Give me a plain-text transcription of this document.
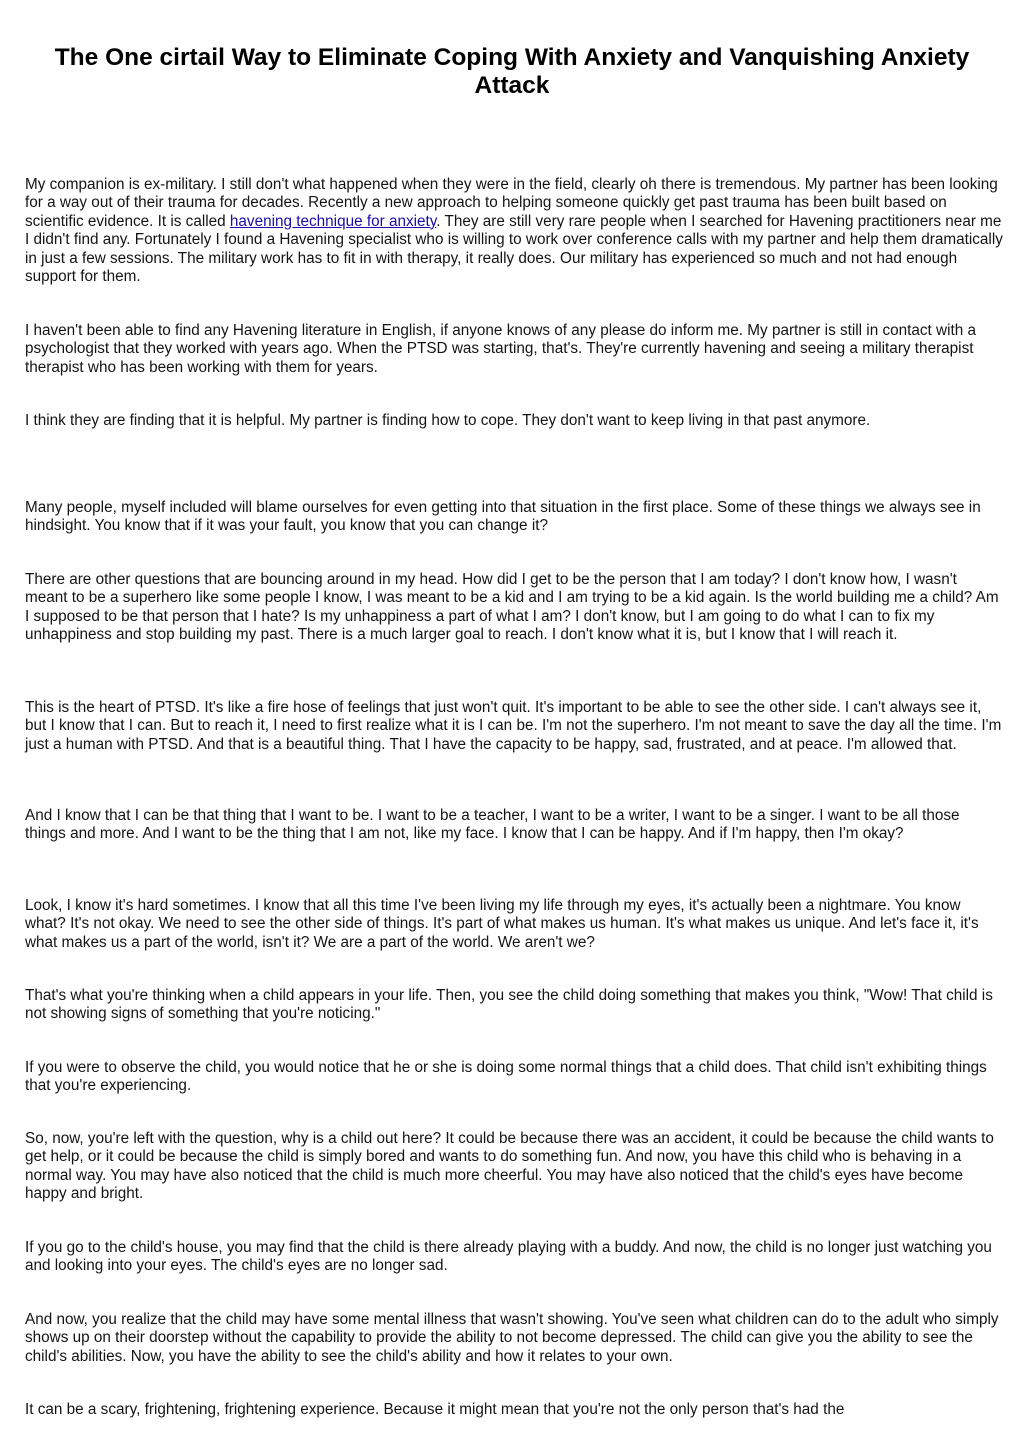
The One cirtail Way to Eliminate Coping With Anxiety and Vanquishing Anxiety Attack

My companion is ex-military. I still don't what happened when they were in the field, clearly oh there is tremendous. My partner has been looking for a way out of their trauma for decades. Recently a new approach to helping someone quickly get past trauma has been built based on scientific evidence. It is called havening technique for anxiety. They are still very rare people when I searched for Havening practitioners near me I didn't find any. Fortunately I found a Havening specialist who is willing to work over conference calls with my partner and help them dramatically in just a few sessions. The military work has to fit in with therapy, it really does. Our military has experienced so much and not had enough support for them.

I haven't been able to find any Havening literature in English, if anyone knows of any please do inform me. My partner is still in contact with a psychologist that they worked with years ago. When the PTSD was starting, that's. They're currently havening and seeing a military therapist therapist who has been working with them for years.

I think they are finding that it is helpful. My partner is finding how to cope. They don't want to keep living in that past anymore.

Many people, myself included will blame ourselves for even getting into that situation in the first place. Some of these things we always see in hindsight. You know that if it was your fault, you know that you can change it?

There are other questions that are bouncing around in my head. How did I get to be the person that I am today? I don't know how, I wasn't meant to be a superhero like some people I know, I was meant to be a kid and I am trying to be a kid again. Is the world building me a child? Am I supposed to be that person that I hate? Is my unhappiness a part of what I am? I don't know, but I am going to do what I can to fix my unhappiness and stop building my past. There is a much larger goal to reach. I don't know what it is, but I know that I will reach it.

This is the heart of PTSD. It's like a fire hose of feelings that just won't quit. It's important to be able to see the other side. I can't always see it, but I know that I can. But to reach it, I need to first realize what it is I can be. I'm not the superhero. I'm not meant to save the day all the time. I'm just a human with PTSD. And that is a beautiful thing. That I have the capacity to be happy, sad, frustrated, and at peace. I'm allowed that.

And I know that I can be that thing that I want to be. I want to be a teacher, I want to be a writer, I want to be a singer. I want to be all those things and more. And I want to be the thing that I am not, like my face. I know that I can be happy. And if I'm happy, then I'm okay?

Look, I know it's hard sometimes. I know that all this time I've been living my life through my eyes, it's actually been a nightmare. You know what? It's not okay. We need to see the other side of things. It's part of what makes us human. It's what makes us unique. And let's face it, it's what makes us a part of the world, isn't it? We are a part of the world. We aren't we?

That's what you're thinking when a child appears in your life. Then, you see the child doing something that makes you think, "Wow! That child is not showing signs of something that you're noticing."

If you were to observe the child, you would notice that he or she is doing some normal things that a child does. That child isn't exhibiting things that you're experiencing.

So, now, you're left with the question, why is a child out here? It could be because there was an accident, it could be because the child wants to get help, or it could be because the child is simply bored and wants to do something fun. And now, you have this child who is behaving in a normal way. You may have also noticed that the child is much more cheerful. You may have also noticed that the child's eyes have become happy and bright.

If you go to the child's house, you may find that the child is there already playing with a buddy. And now, the child is no longer just watching you and looking into your eyes. The child's eyes are no longer sad.

And now, you realize that the child may have some mental illness that wasn't showing. You've seen what children can do to the adult who simply shows up on their doorstep without the capability to provide the ability to not become depressed. The child can give you the ability to see the child's abilities. Now, you have the ability to see the child's ability and how it relates to your own.

It can be a scary, frightening, frightening experience. Because it might mean that you're not the only person that's had the
